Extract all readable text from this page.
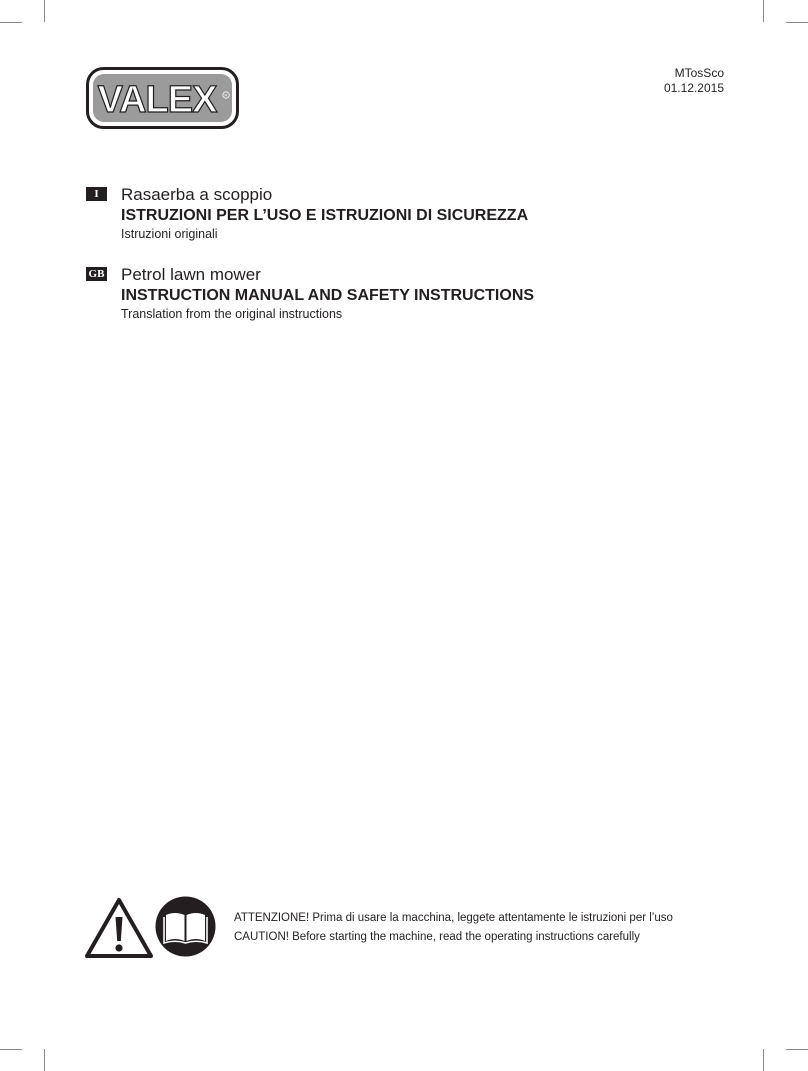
VALEX	R
MTosSco
01.12.2015
I	Rasaerba a scoppio
ISTRUZIONI PER L’USO E ISTRUZIONI DI SICUREZZA
Istruzioni originali
GB Petrol lawn mower
INSTRUCTION MANUAL AND SAFETY INSTRUCTIONS
Translation from the original instructions
ATTENZIONE! Prima di usare la macchina, leggete attentamente le istruzioni per l’uso
CAUTION! Before starting the machine, read the operating instructions carefully
